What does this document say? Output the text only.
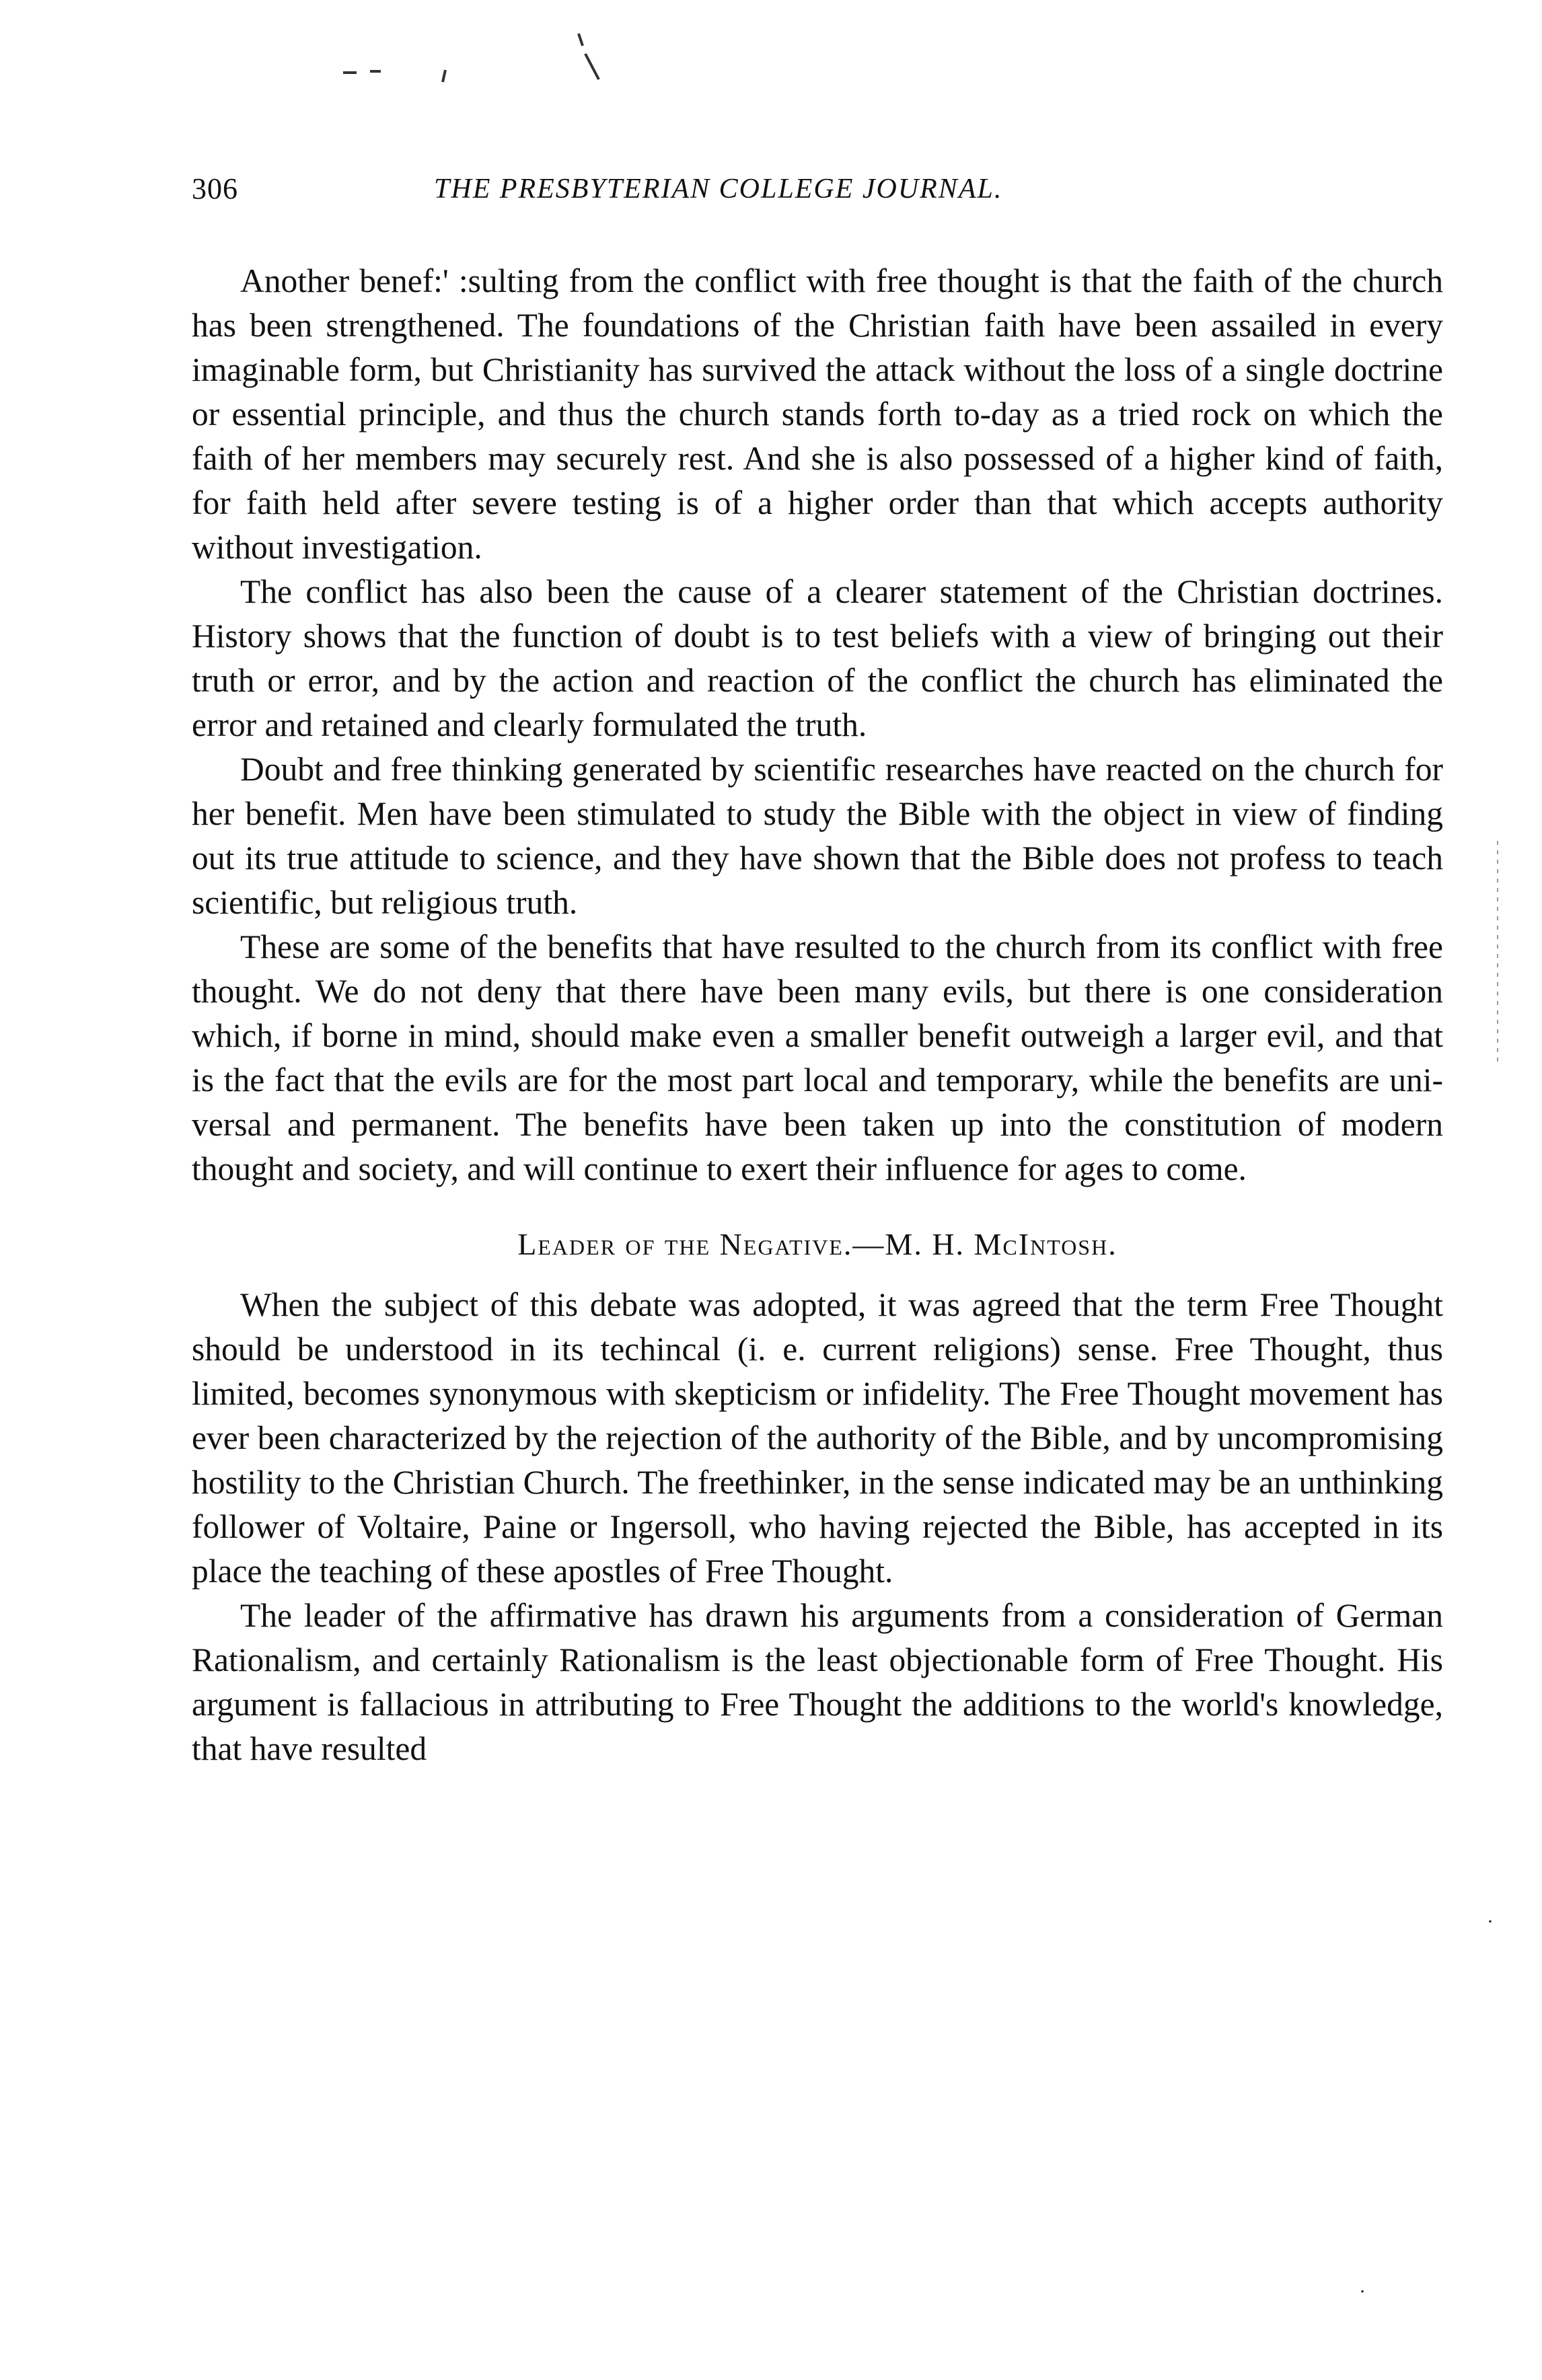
306	THE PRESBYTERIAN COLLEGE JOURNAL.

Another benef:' :sulting from the conflict with free thought is that the faith of the church has been strengthened. The foundations of the Christian faith have been assailed in every imaginable form, but Christianity has survived the attack without the loss of a single doctrine or essential principle, and thus the church stands forth to-day as a tried rock on which the faith of her members may securely rest. And she is also possessed of a higher kind of faith, for faith held after severe testing is of a higher order than that which accepts authority without investigation.

The conflict has also been the cause of a clearer statement of the Christian doctrines. History shows that the function of doubt is to test beliefs with a view of bringing out their truth or error, and by the action and reaction of the conflict the church has eliminated the error and retained and clearly formulated the truth.

Doubt and free thinking generated by scientific researches have reacted on the church for her benefit. Men have been stimulated to study the Bible with the object in view of finding out its true attitude to science, and they have shown that the Bible does not profess to teach scientific, but religious truth.

These are some of the benefits that have resulted to the church from its conflict with free thought. We do not deny that there have been many evils, but there is one consideration which, if borne in mind, should make even a smaller benefit outweigh a larger evil, and that is the fact that the evils are for the most part local and temporary, while the benefits are universal and permanent. The benefits have been taken up into the constitution of modern thought and society, and will continue to exert their influence for ages to come.

Leader of the Negative.—M. H. McIntosh.

When the subject of this debate was adopted, it was agreed that the term Free Thought should be understood in its techincal (i. e. current religions) sense. Free Thought, thus limited, becomes synonymous with skepticism or infidelity. The Free Thought movement has ever been characterized by the rejection of the authority of the Bible, and by uncompromising hostility to the Christian Church. The freethinker, in the sense indicated may be an unthinking follower of Voltaire, Paine or Ingersoll, who having rejected the Bible, has accepted in its place the teaching of these apostles of Free Thought.

The leader of the affirmative has drawn his arguments from a consideration of German Rationalism, and certainly Rationalism is the least objectionable form of Free Thought. His argument is fallacious in attributing to Free Thought the additions to the world's knowledge, that have resulted

·
·
